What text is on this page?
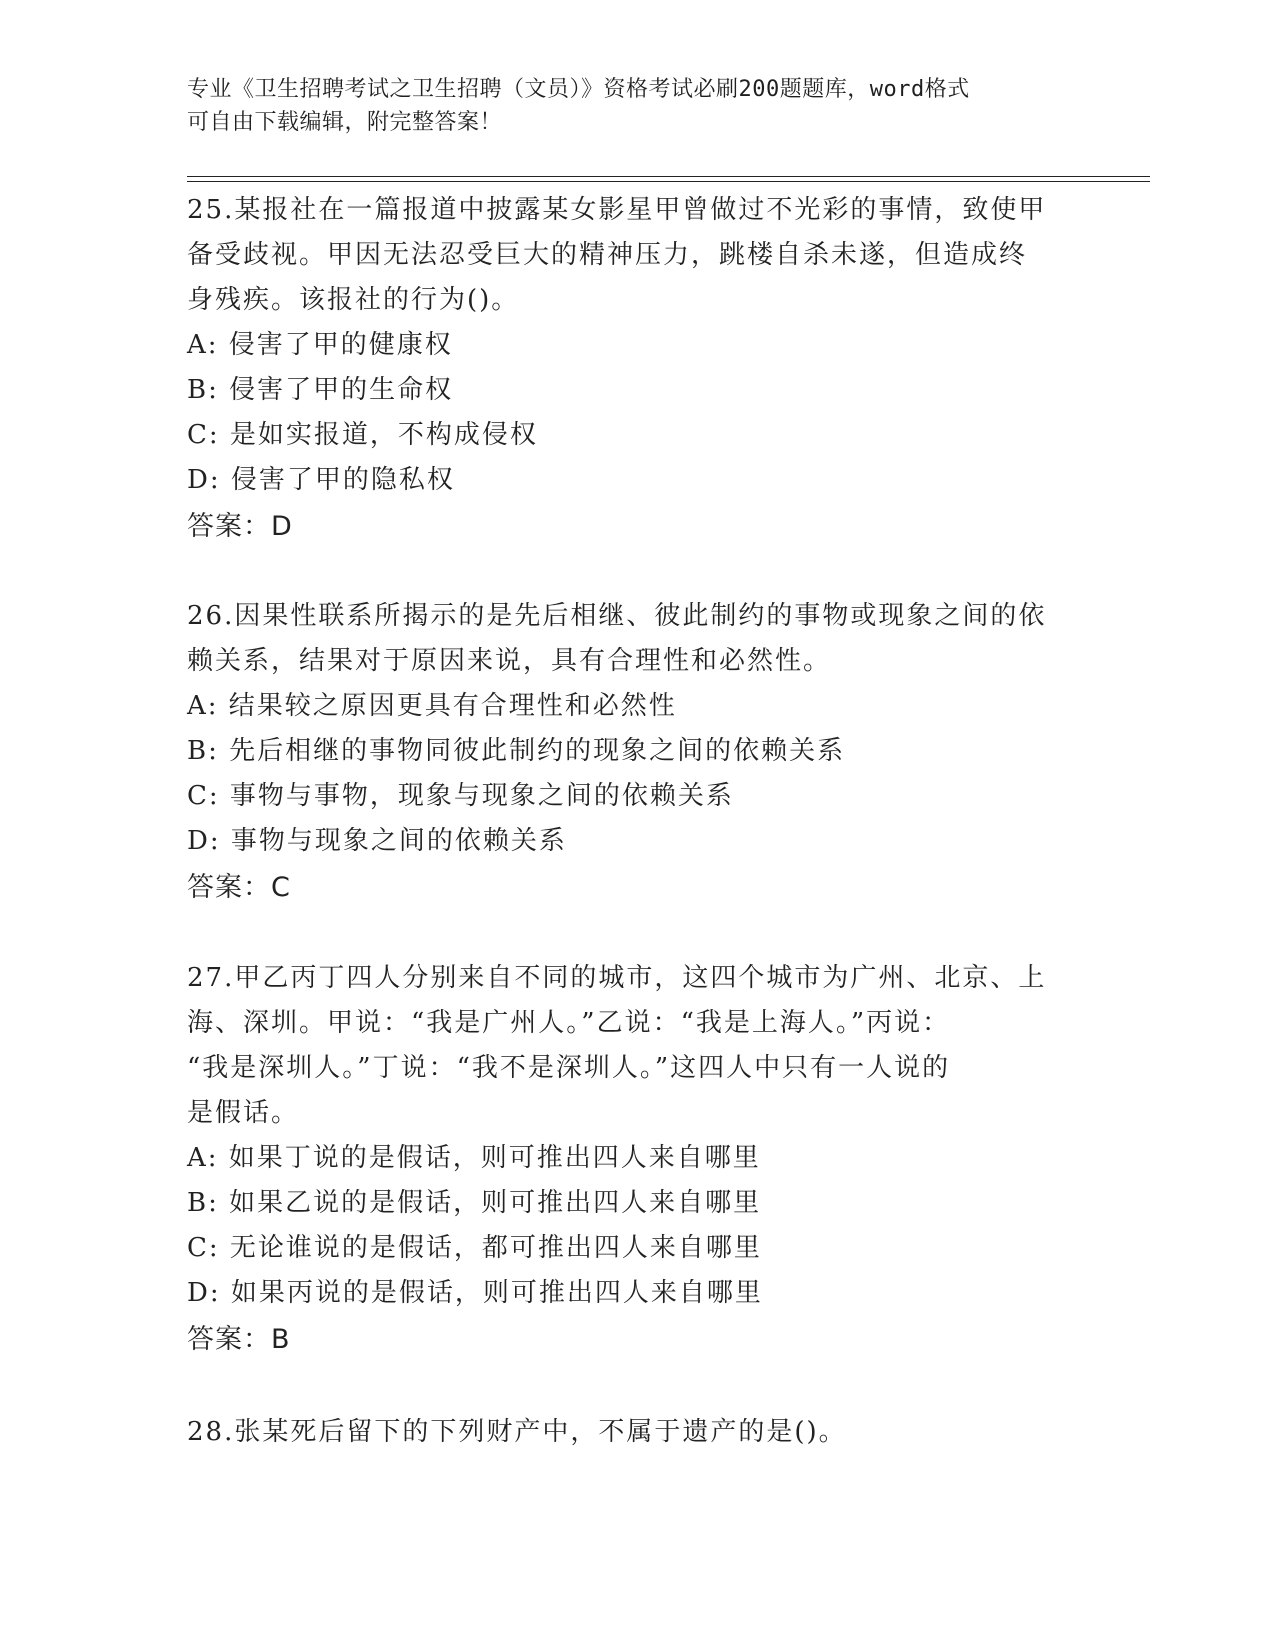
专业《卫生招聘考试之卫生招聘（文员）》资格考试必刷200题题库，word格式
可自由下载编辑，附完整答案！
25.某报社在一篇报道中披露某女影星甲曾做过不光彩的事情，致使甲
备受歧视。甲因无法忍受巨大的精神压力，跳楼自杀未遂，但造成终
身残疾。该报社的行为()。
A: 侵害了甲的健康权
B: 侵害了甲的生命权
C: 是如实报道，不构成侵权
D: 侵害了甲的隐私权
答案：D
26.因果性联系所揭示的是先后相继、彼此制约的事物或现象之间的依
赖关系，结果对于原因来说，具有合理性和必然性。
A: 结果较之原因更具有合理性和必然性
B: 先后相继的事物同彼此制约的现象之间的依赖关系
C: 事物与事物，现象与现象之间的依赖关系
D: 事物与现象之间的依赖关系
答案：C
27.甲乙丙丁四人分别来自不同的城市，这四个城市为广州、北京、上
海、深圳。甲说：“我是广州人。”乙说：“我是上海人。”丙说：
“我是深圳人。”丁说：“我不是深圳人。”这四人中只有一人说的
是假话。
A: 如果丁说的是假话，则可推出四人来自哪里
B: 如果乙说的是假话，则可推出四人来自哪里
C: 无论谁说的是假话，都可推出四人来自哪里
D: 如果丙说的是假话，则可推出四人来自哪里
答案：B
28.张某死后留下的下列财产中，不属于遗产的是()。
